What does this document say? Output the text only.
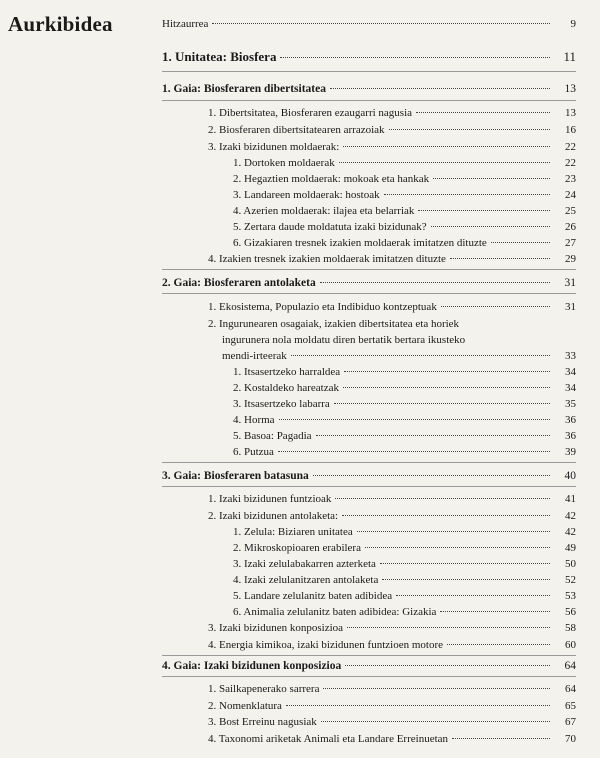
Aurkibidea	Hitzaurrea	9
1. Unitatea: Biosfera	11
1. Gaia: Biosferaren dibertsitatea	13
1. Dibertsitatea, Biosferaren ezaugarri nagusia	13
2. Biosferaren dibertsitatearen arrazoiak	16
3. Izaki bizidunen moldaerak:	22
1. Dortoken moldaerak	22
2. Hegaztien moldaerak: mokoak eta hankak	23
3. Landareen moldaerak: hostoak	24
4. Azerien moldaerak: ilajea eta belarriak	25
5. Zertara daude moldatuta izaki bizidunak?	26
6. Gizakiaren tresnek izakien moldaerak imitatzen dituzte	27
4. Izakien tresnek izakien moldaerak imitatzen dituzte	29
2. Gaia: Biosferaren antolaketa	31
1. Ekosistema, Populazio eta Indibiduo kontzeptuak	31
2. Ingurunearen osagaiak, izakien dibertsitatea eta horiek
ingurunera nola moldatu diren bertatik bertara ikusteko
mendi-irteerak	33
1. Itsasertzeko harraldea	34
2. Kostaldeko hareatzak	34
3. Itsasertzeko labarra	35
4. Horma	36
5. Basoa: Pagadia	36
6. Putzua	39
3. Gaia: Biosferaren batasuna	40
1. Izaki bizidunen funtzioak	41
2. Izaki bizidunen antolaketa:	42
1. Zelula: Biziaren unitatea	42
2. Mikroskopioaren erabilera	49
3. Izaki zelulabakarren azterketa	50
4. Izaki zelulanitzaren antolaketa	52
5. Landare zelulanitz baten adibidea	53
6. Animalia zelulanitz baten adibidea: Gizakia	56
3. Izaki bizidunen konposizioa	58
4. Energia kimikoa, izaki bizidunen funtzioen motore	60
4. Gaia: Izaki bizidunen konposizioa	64
1. Sailkapenerako sarrera	64
2. Nomenklatura	65
3. Bost Erreinu nagusiak	67
4. Taxonomi ariketak Animali eta Landare Erreinuetan	70
